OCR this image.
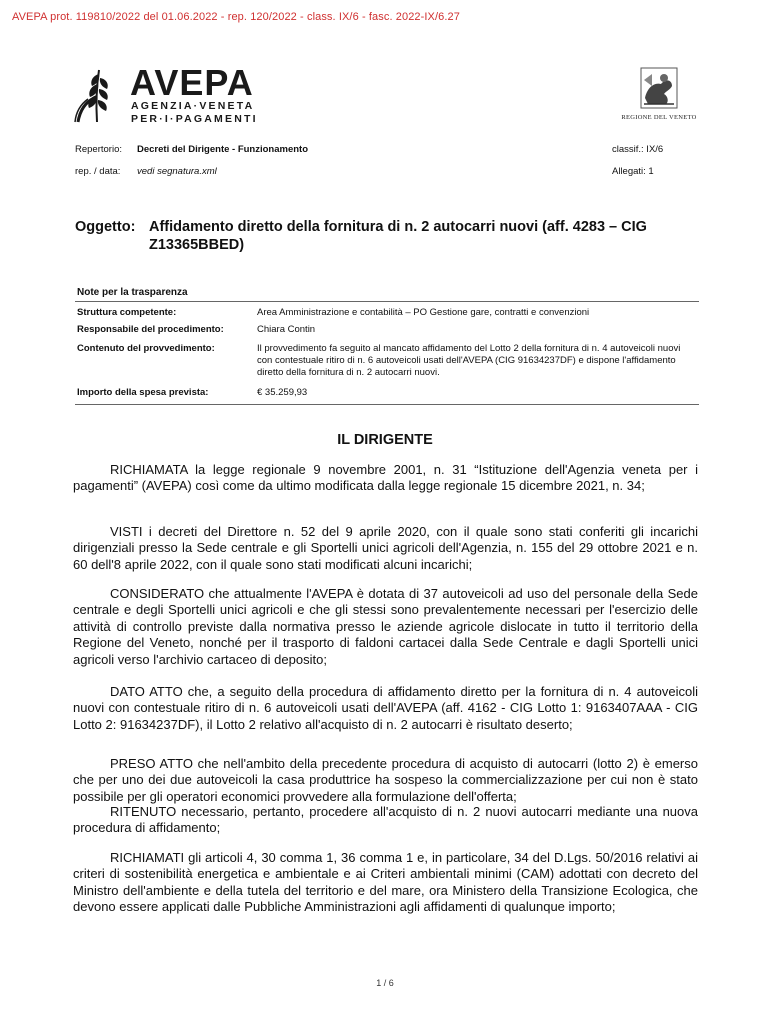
AVEPA prot. 119810/2022 del 01.06.2022 - rep. 120/2022 - class. IX/6 - fasc. 2022-IX/6.27
AVEPA
AGENZIA·VENETA
PER·I·PAGAMENTI	REGIONE DEL VENETO
Repertorio: Decreti del Dirigente - Funzionamento	classif.: IX/6
rep. / data: vedi segnatura.xml	Allegati: 1
Oggetto: Affidamento diretto della fornitura di n. 2 autocarri nuovi (aff. 4283 – CIG Z13365BBED)
Note per la trasparenza
Struttura competente:	Area Amministrazione e contabilità – PO Gestione gare, contratti e convenzioni
Responsabile del procedimento:	Chiara Contin
Contenuto del provvedimento:	Il provvedimento fa seguito al mancato affidamento del Lotto 2 della fornitura di n. 4 autoveicoli nuovi con contestuale ritiro di n. 6 autoveicoli usati dell'AVEPA (CIG 91634237DF) e dispone l'affidamento diretto della fornitura di n. 2 autocarri nuovi.
Importo della spesa prevista:	€ 35.259,93
IL DIRIGENTE
RICHIAMATA la legge regionale 9 novembre 2001, n. 31 “Istituzione dell'Agenzia veneta per i pagamenti” (AVEPA) così come da ultimo modificata dalla legge regionale 15 dicembre 2021, n. 34;
VISTI i decreti del Direttore n. 52 del 9 aprile 2020, con il quale sono stati conferiti gli incarichi dirigenziali presso la Sede centrale e gli Sportelli unici agricoli dell'Agenzia, n. 155 del 29 ottobre 2021 e n. 60 dell'8 aprile 2022, con il quale sono stati modificati alcuni incarichi;
CONSIDERATO che attualmente l'AVEPA è dotata di 37 autoveicoli ad uso del personale della Sede centrale e degli Sportelli unici agricoli e che gli stessi sono prevalentemente necessari per l'esercizio delle attività di controllo previste dalla normativa presso le aziende agricole dislocate in tutto il territorio della Regione del Veneto, nonché per il trasporto di faldoni cartacei dalla Sede Centrale e dagli Sportelli unici agricoli verso l'archivio cartaceo di deposito;
DATO ATTO che, a seguito della procedura di affidamento diretto per la fornitura di n. 4 autoveicoli nuovi con contestuale ritiro di n. 6 autoveicoli usati dell'AVEPA (aff. 4162 - CIG Lotto 1: 9163407AAA - CIG Lotto 2: 91634237DF), il Lotto 2 relativo all'acquisto di n. 2 autocarri è risultato deserto;
PRESO ATTO che nell'ambito della precedente procedura di acquisto di autocarri (lotto 2) è emerso che per uno dei due autoveicoli la casa produttrice ha sospeso la commercializzazione per cui non è stato possibile per gli operatori economici provvedere alla formulazione dell'offerta;
RITENUTO necessario, pertanto, procedere all'acquisto di n. 2 nuovi autocarri mediante una nuova procedura di affidamento;
RICHIAMATI gli articoli 4, 30 comma 1, 36 comma 1 e, in particolare, 34 del D.Lgs. 50/2016 relativi ai criteri di sostenibilità energetica e ambientale e ai Criteri ambientali minimi (CAM) adottati con decreto del Ministro dell'ambiente e della tutela del territorio e del mare, ora Ministero della Transizione Ecologica, che devono essere applicati dalle Pubbliche Amministrazioni agli affidamenti di qualunque importo;
1 / 6
